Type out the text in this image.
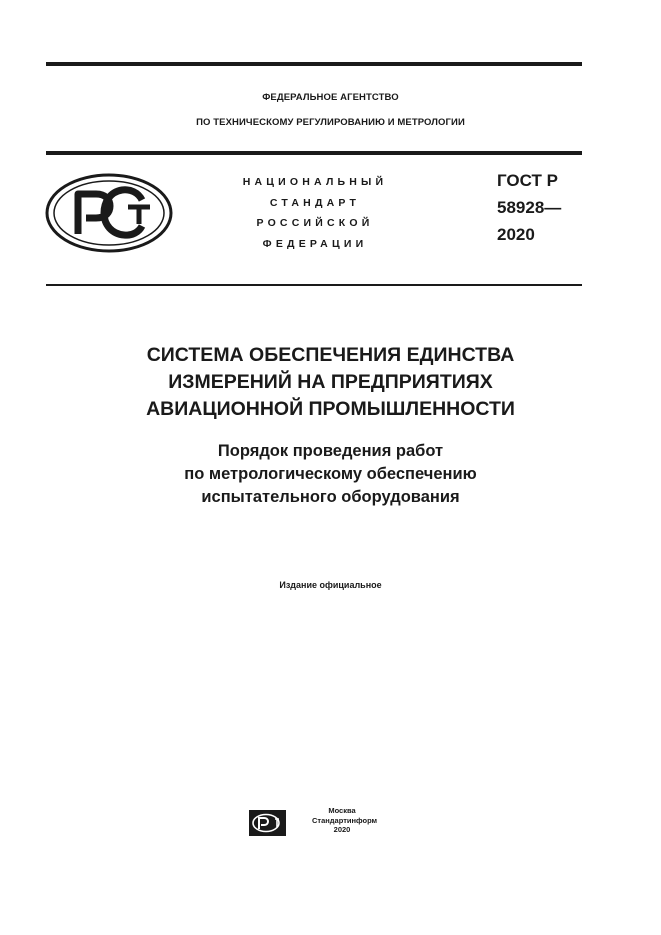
ФЕДЕРАЛЬНОЕ АГЕНТСТВО
ПО ТЕХНИЧЕСКОМУ РЕГУЛИРОВАНИЮ И МЕТРОЛОГИИ
НАЦИОНАЛЬНЫЙ
СТАНДАРТ
РОССИЙСКОЙ
ФЕДЕРАЦИИ
ГОСТ Р
58928—
2020
СИСТЕМА ОБЕСПЕЧЕНИЯ ЕДИНСТВА
ИЗМЕРЕНИЙ НА ПРЕДПРИЯТИЯХ
АВИАЦИОННОЙ ПРОМЫШЛЕННОСТИ
Порядок проведения работ
по метрологическому обеспечению
испытательного оборудования
Издание официальное
Москва
Стандартинформ
2020
